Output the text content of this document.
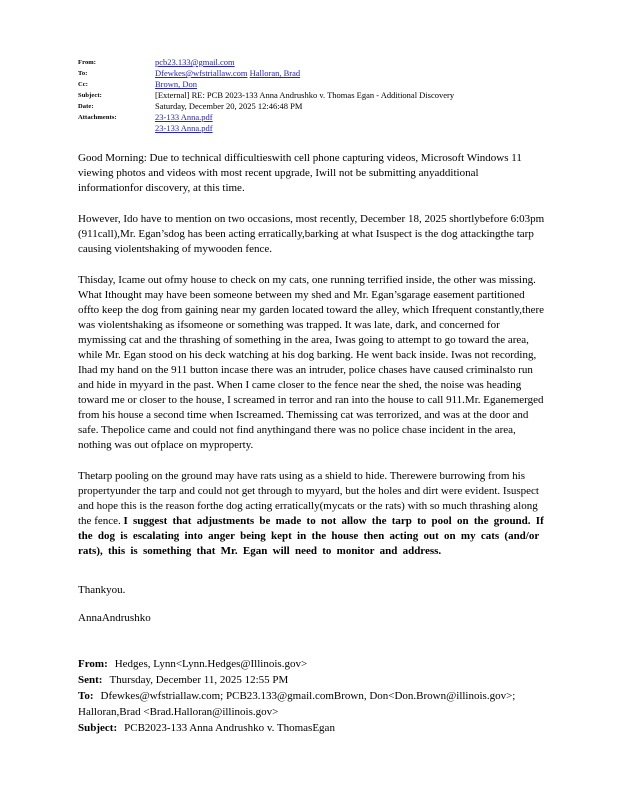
From:	pcb23.133@gmail.com
To:	Dfewkes@wfstriallaw.com Halloran, Brad
Cc:	Brown, Don
Subject:	[External] RE: PCB 2023-133 Anna Andrushko v. Thomas Egan - Additional Discovery
Date:	Saturday, December 20, 2025 12:46:48 PM
Attachments:	23-133 Anna.pdf
23-133 Anna.pdf

Good Morning: Due to technical difficultieswith cell phone capturing videos, Microsoft Windows 11 viewing photos and videos with most recent upgrade, Iwill not be submitting anyadditional informationfor discovery, at this time.

However, Ido have to mention on two occasions, most recently, December 18, 2025 shortlybefore 6:03pm (911call),Mr. Egan’sdog has been acting erratically,barking at what Isuspect is the dog attackingthe tarp causing violentshaking of mywooden fence.

Thisday, Icame out ofmy house to check on my cats, one running terrified inside, the other was missing. What Ithought may have been someone between my shed and Mr. Egan’sgarage easement partitioned offto keep the dog from gaining near my garden located toward the alley, which Ifrequent constantly,there was violentshaking as ifsomeone or something was trapped. It was late, dark, and concerned for mymissing cat and the thrashing of something in the area, Iwas going to attempt to go toward the area, while Mr. Egan stood on his deck watching at his dog barking. He went back inside. Iwas not recording, Ihad my hand on the 911 button incase there was an intruder, police chases have caused criminalsto run and hide in myyard in the past. When I came closer to the fence near the shed, the noise was heading toward me or closer to the house, I screamed in terror and ran into the house to call 911.Mr. Eganemerged from his house a second time when Iscreamed. Themissing cat was terrorized, and was at the door and safe. Thepolice came and could not find anythingand there was no police chase incident in the area, nothing was out ofplace on myproperty.

Thetarp pooling on the ground may have rats using as a shield to hide. Therewere burrowing from his propertyunder the tarp and could not get through to myyard, but the holes and dirt were evident. Isuspect and hope this is the reason forthe dog acting erratically(mycats or the rats) with so much thrashing along the fence. I suggest that adjustments be made to not allow the tarp to pool on the ground. If the dog is escalating into anger being kept in the house then acting out on my cats (and/or rats), this is something that Mr. Egan will need to monitor and address.

Thankyou.

AnnaAndrushko

From: Hedges, Lynn<Lynn.Hedges@Illinois.gov>

Sent: Thursday, December 11, 2025 12:55 PM

To: Dfewkes@wfstriallaw.com; PCB23.133@gmail.comBrown, Don<Don.Brown@illinois.gov>; Halloran,Brad <Brad.Halloran@illinois.gov>

Subject: PCB2023-133 Anna Andrushko v. ThomasEgan
